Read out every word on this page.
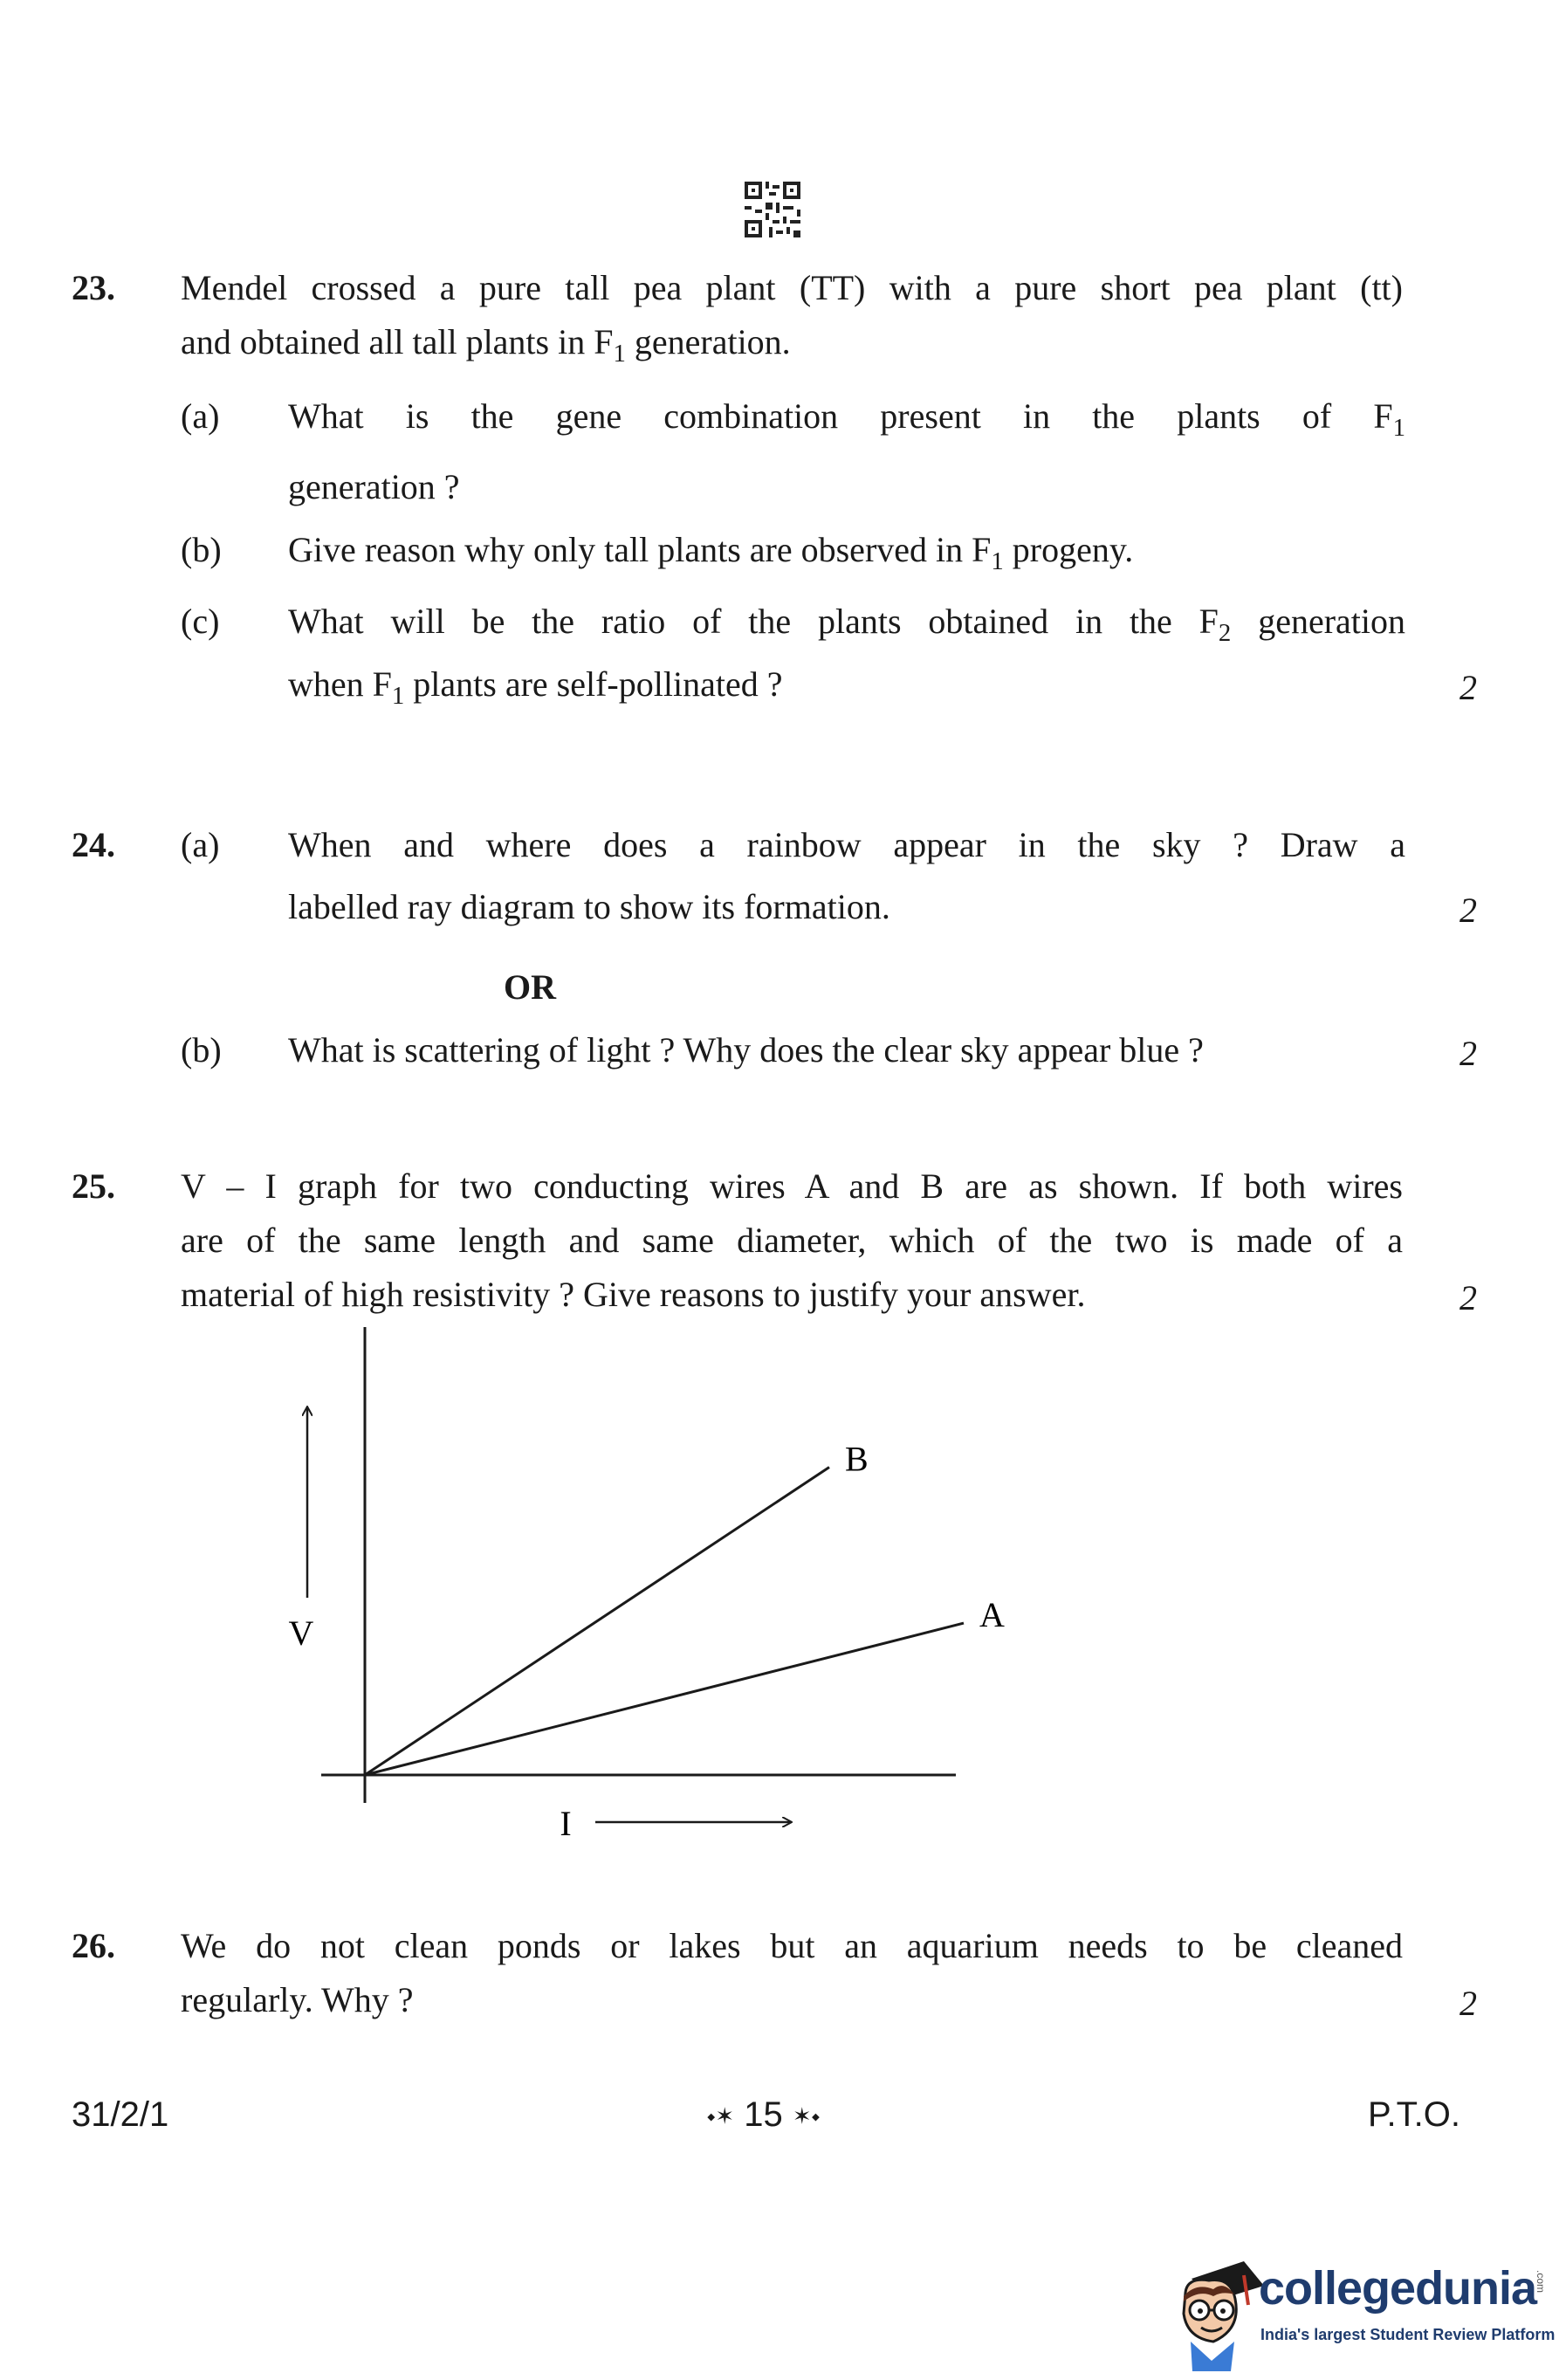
23. Mendel crossed a pure tall pea plant (TT) with a pure short pea plant (tt)
and obtained all tall plants in $F_1$ generation.
(a) What is the gene combination present in the plants of $F_1$
generation ?
(b) Give reason why only tall plants are observed in $F_1$ progeny.
(c) What will be the ratio of the plants obtained in the $F_2$ generation
when $F_1$ plants are self-pollinated ?	2
24. (a) When and where does a rainbow appear in the sky ? Draw a
labelled ray diagram to show its formation.	2
OR
(b) What is scattering of light ? Why does the clear sky appear blue ?	2
25. V – I graph for two conducting wires A and B are as shown. If both wires
are of the same length and same diameter, which of the two is made of a
material of high resistivity ? Give reasons to justify your answer.	2
V
I
B
A
26. We do not clean ponds or lakes but an aquarium needs to be cleaned
regularly. Why ?	2
31/2/1	⬩✶ 15 ✶⬩	P.T.O.
collegedunia
.com
India's largest Student Review Platform
